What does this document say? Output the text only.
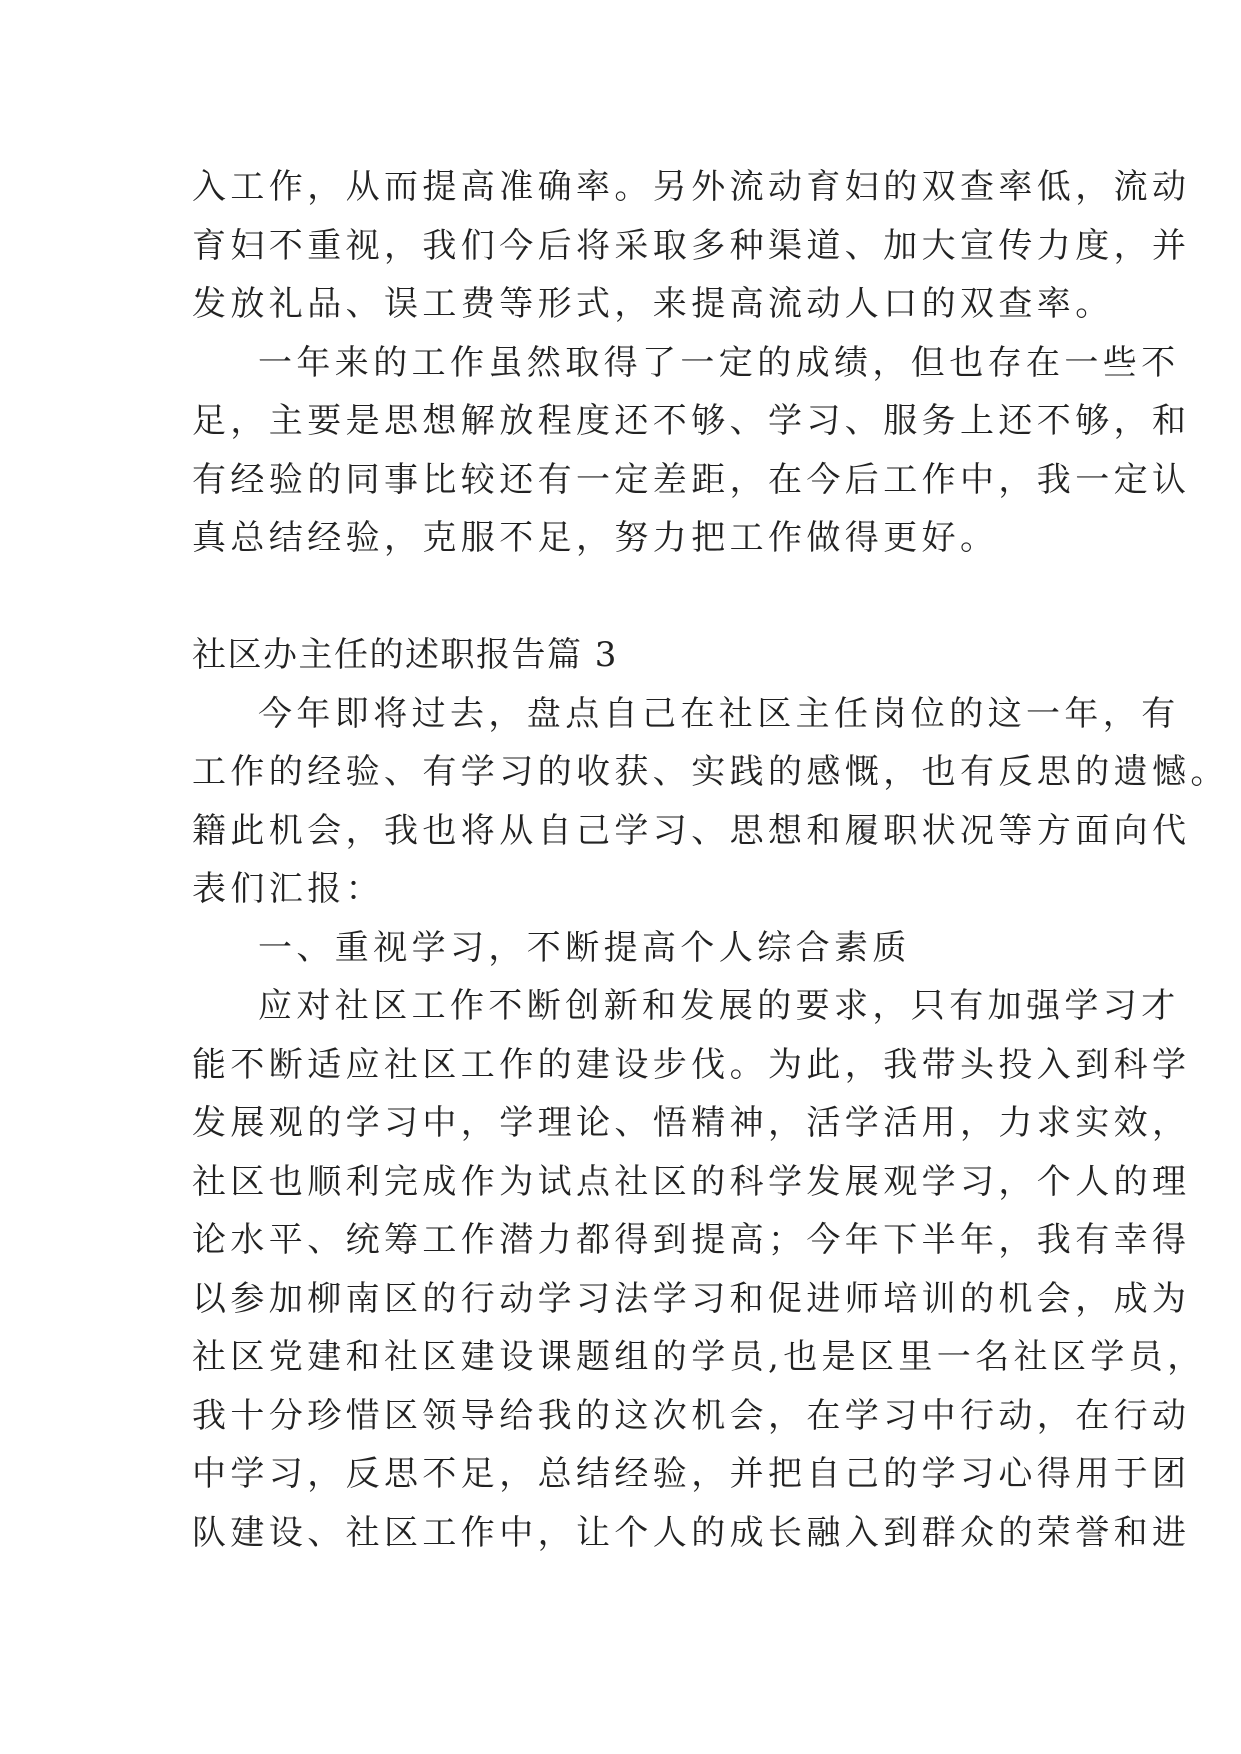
入工作，从而提高准确率。另外流动育妇的双查率低，流动
育妇不重视，我们今后将采取多种渠道、加大宣传力度，并
发放礼品、误工费等形式，来提高流动人口的双查率。
一年来的工作虽然取得了一定的成绩，但也存在一些不
足，主要是思想解放程度还不够、学习、服务上还不够，和
有经验的同事比较还有一定差距，在今后工作中，我一定认
真总结经验，克服不足，努力把工作做得更好。
社区办主任的述职报告篇 3
今年即将过去，盘点自己在社区主任岗位的这一年，有
工作的经验、有学习的收获、实践的感慨，也有反思的遗憾。
籍此机会，我也将从自己学习、思想和履职状况等方面向代
表们汇报：
一、重视学习，不断提高个人综合素质
应对社区工作不断创新和发展的要求，只有加强学习才
能不断适应社区工作的建设步伐。为此，我带头投入到科学
发展观的学习中，学理论、悟精神，活学活用，力求实效，
社区也顺利完成作为试点社区的科学发展观学习，个人的理
论水平、统筹工作潜力都得到提高；今年下半年，我有幸得
以参加柳南区的行动学习法学习和促进师培训的机会，成为
社区党建和社区建设课题组的学员,也是区里一名社区学员，
我十分珍惜区领导给我的这次机会，在学习中行动，在行动
中学习，反思不足，总结经验，并把自己的学习心得用于团
队建设、社区工作中，让个人的成长融入到群众的荣誉和进
